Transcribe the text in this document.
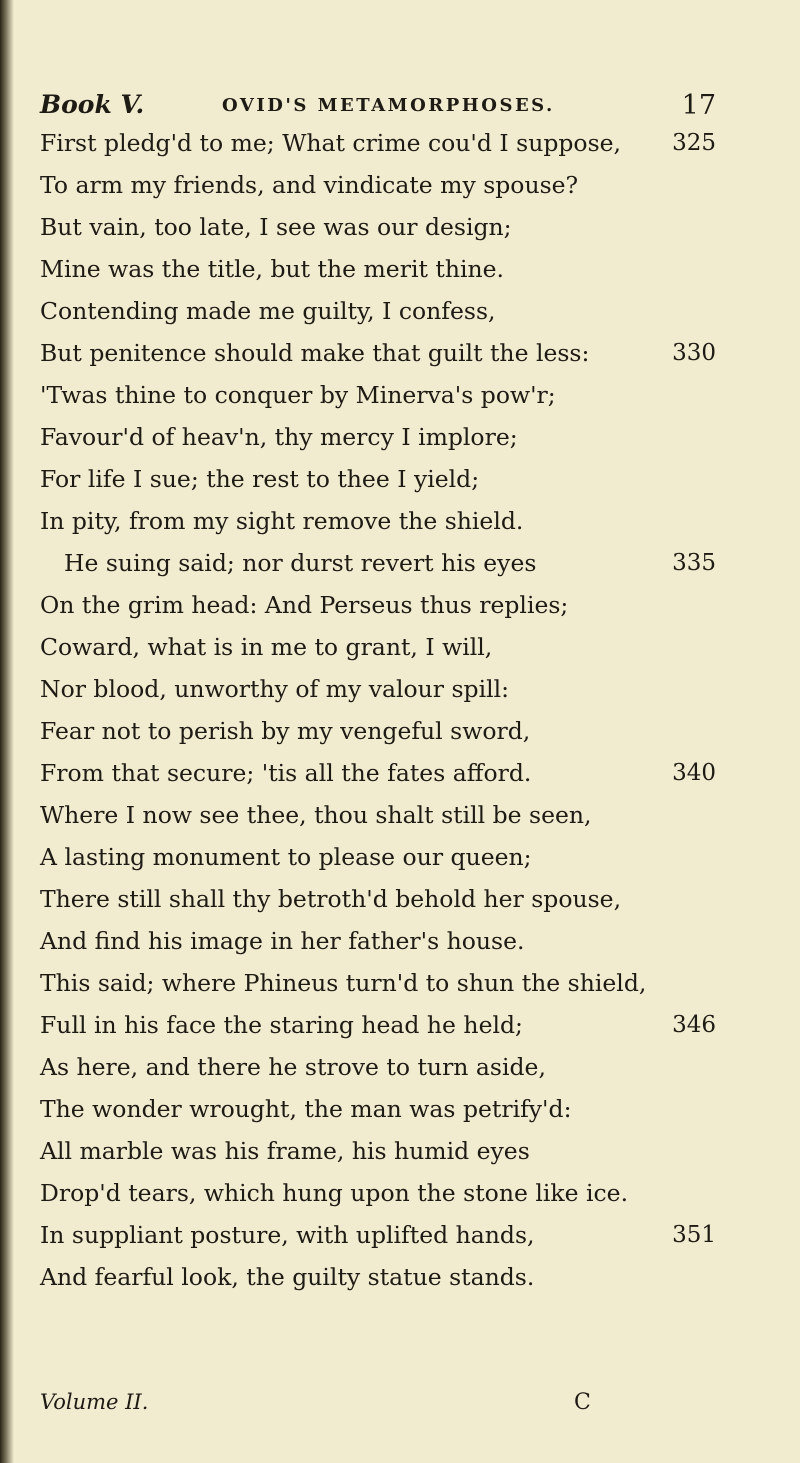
Book V.	OVID'S METAMORPHOSES.	17
First pledg'd to me; What crime cou'd I suppose, 325
To arm my friends, and vindicate my spouse?
But vain, too late, I see was our design;
Mine was the title, but the merit thine.
Contending made me guilty, I confess,
But penitence should make that guilt the less:	330
'Twas thine to conquer by Minerva's pow'r;
Favour'd of heav'n, thy mercy I implore;
For life I sue; the rest to thee I yield;
In pity, from my sight remove the shield.
He suing said; nor durst revert his eyes	335
On the grim head: And Perseus thus replies;
Coward, what is in me to grant, I will,
Nor blood, unworthy of my valour spill:
Fear not to perish by my vengeful sword,
From that secure; 'tis all the fates afford.	340
Where I now see thee, thou shalt still be seen,
A lasting monument to please our queen;
There still shall thy betroth'd behold her spouse,
And find his image in her father's house.
This said; where Phineus turn'd to shun the shield,
Full in his face the staring head he held;	346
As here, and there he strove to turn aside,
The wonder wrought, the man was petrify'd:
All marble was his frame, his humid eyes
Drop'd tears, which hung upon the stone like ice.
In suppliant posture, with uplifted hands,	351
And fearful look, the guilty statue stands.
Volume II.	C
